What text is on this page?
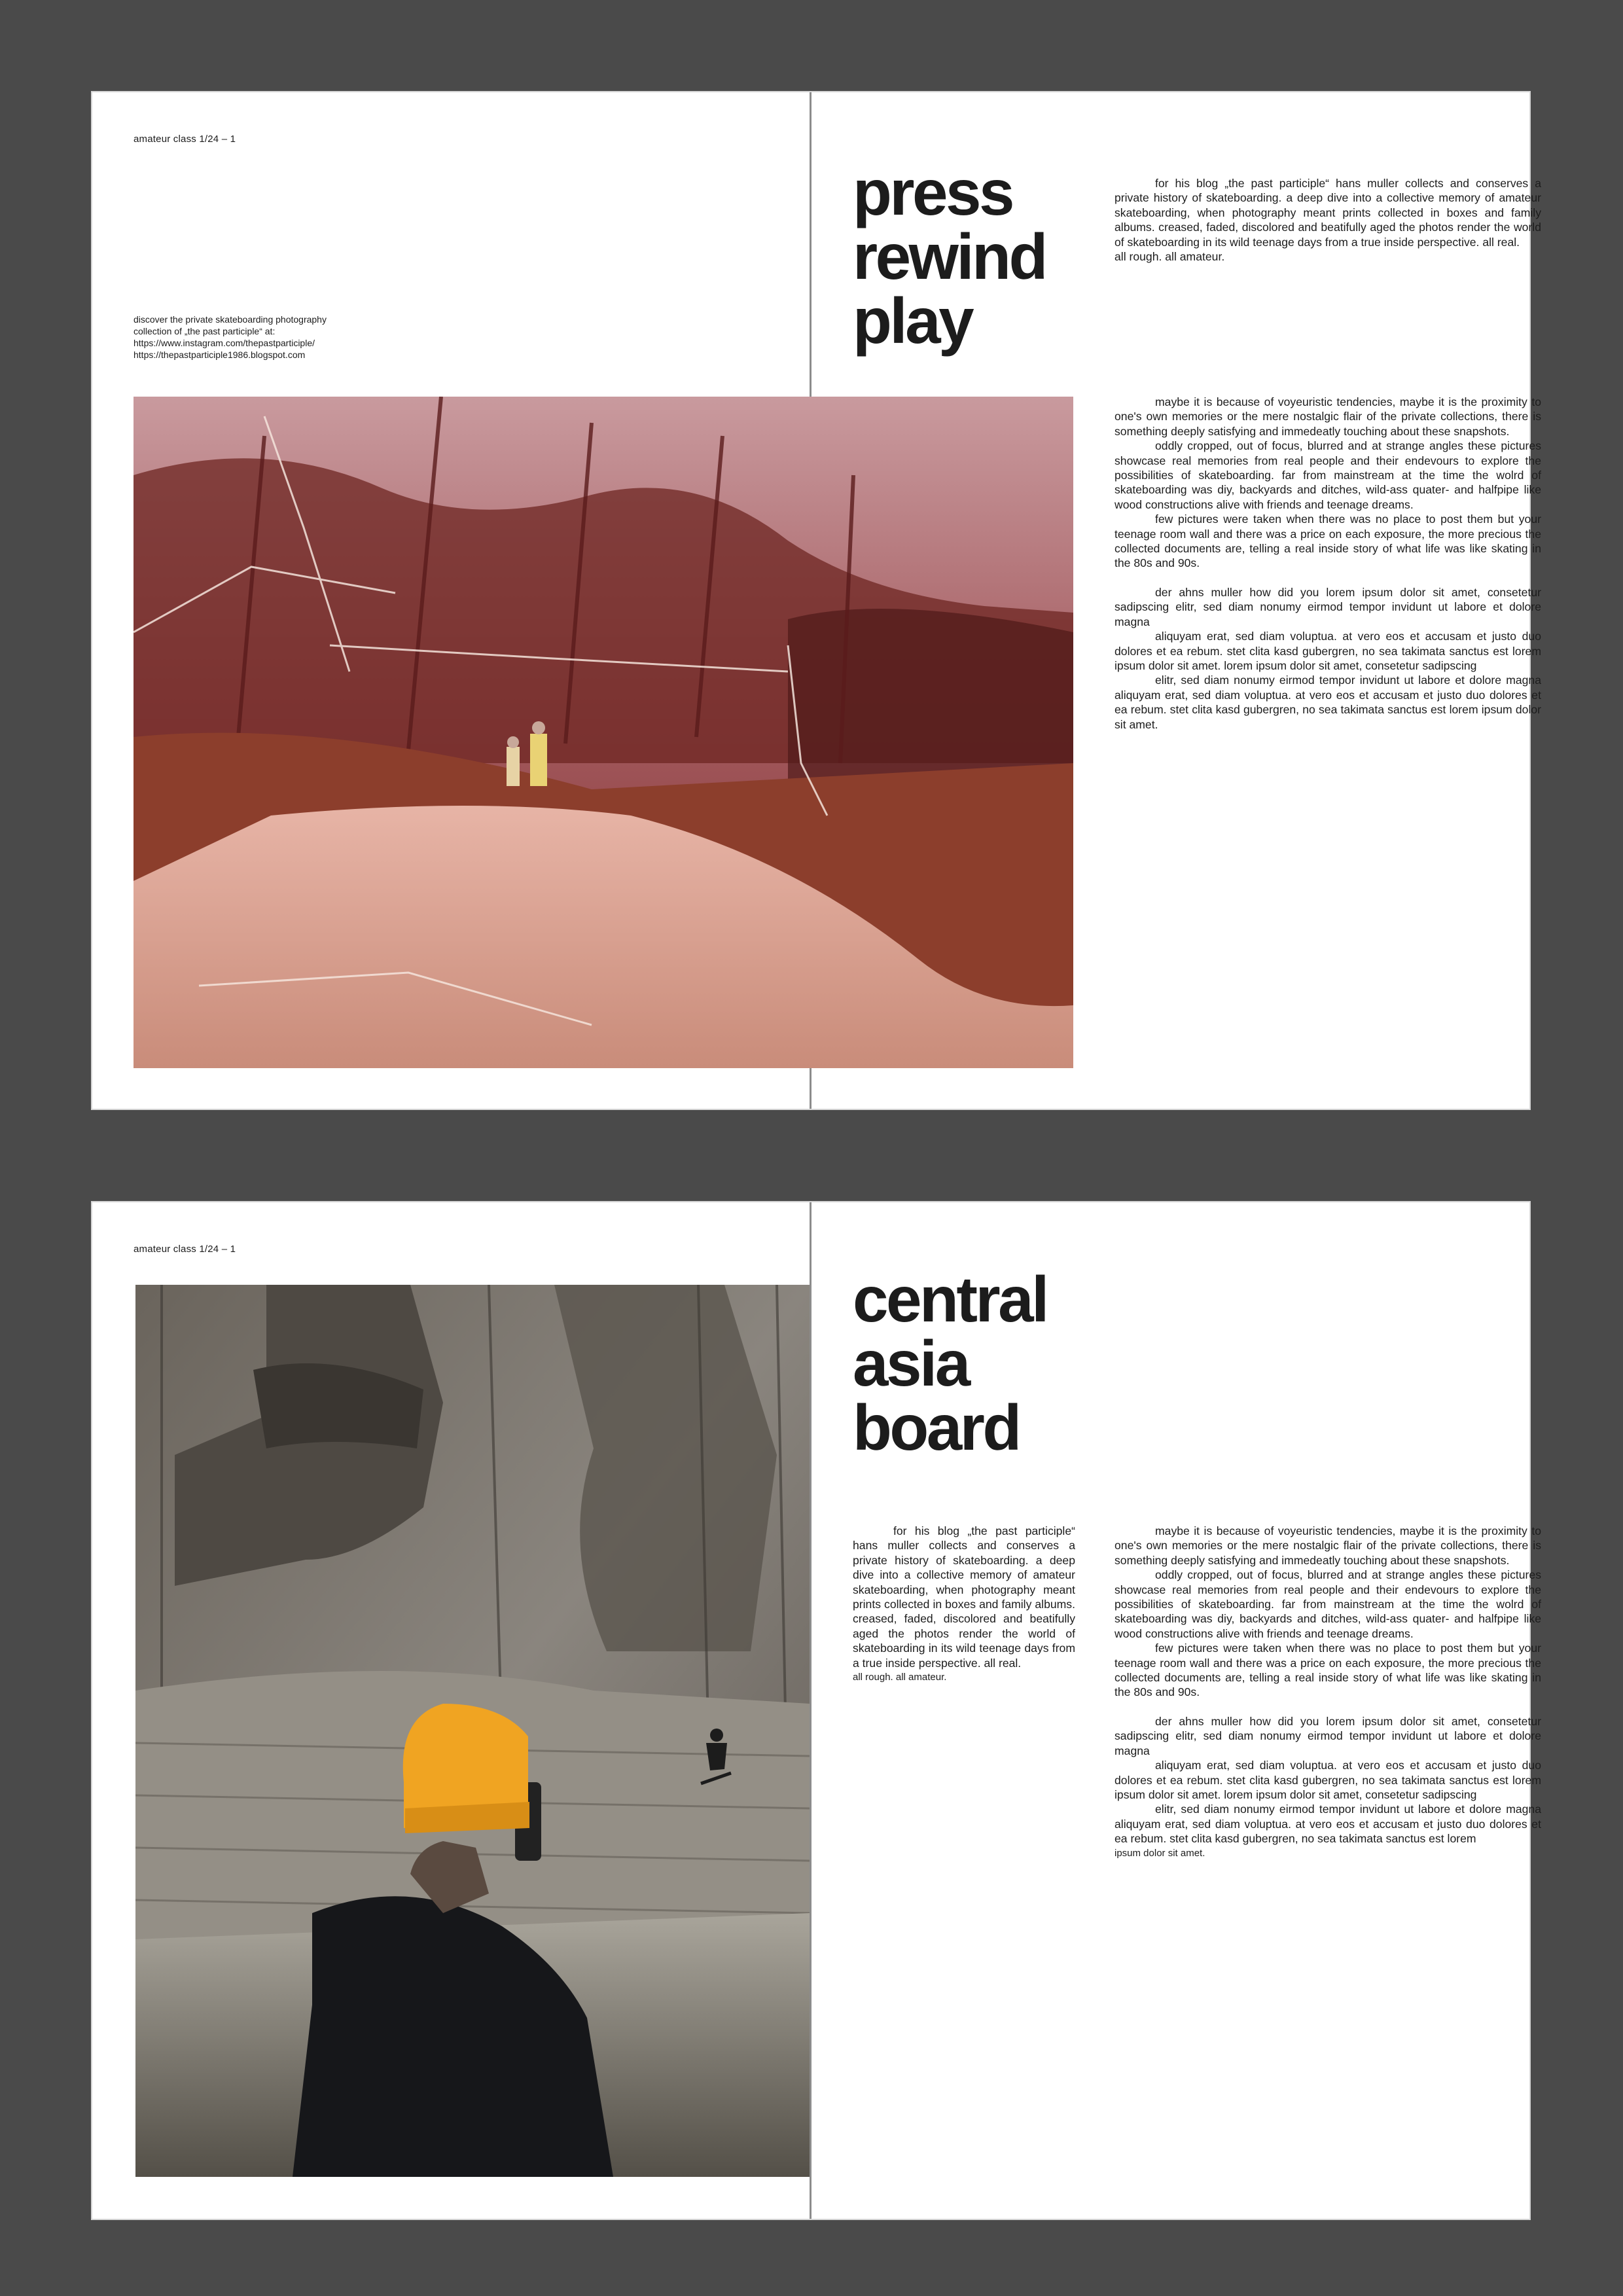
amateur class 1/24 – 1
discover the private skateboarding photography
collection of „the past participle“ at:
https://www.instagram.com/thepastparticiple/
https://thepastparticiple1986.blogspot.com
press
rewind
play

for his blog „the past participle“ hans muller collects and conserves a private history of skateboarding. a deep dive into a collective memory of amateur skateboarding, when photography meant prints collected in boxes and family albums. creased, faded, discolored and beatifully aged the photos render the world of skateboarding in its wild teenage days from a true inside perspective. all real.

all rough. all amateur.

maybe it is because of voyeuristic tendencies, maybe it is the proximity to one's own memories or the mere nostalgic flair of the private collections, there is something deeply satisfying and immedeatly touching about these snapshots.

oddly cropped, out of focus, blurred and at strange angles these pictures showcase real memories from real people and their endevours to explore the possibilities of skateboarding. far from mainstream at the time the wolrd of skateboarding was diy, backyards and ditches, wild-ass quater- and halfpipe like wood constructions alive with friends and teenage dreams.

few pictures were taken when there was no place to post them but your teenage room wall and there was a price on each exposure, the more precious the collected documents are, telling a real inside story of what life was like skating in the 80s and 90s.

der ahns muller how did you lorem ipsum dolor sit amet, consetetur sadipscing elitr, sed diam nonumy eirmod tempor invidunt ut labore et dolore magna

aliquyam erat, sed diam voluptua. at vero eos et accusam et justo duo dolores et ea rebum. stet clita kasd gubergren, no sea takimata sanctus est lorem ipsum dolor sit amet. lorem ipsum dolor sit amet, consetetur sadipscing

elitr, sed diam nonumy eirmod tempor invidunt ut labore et dolore magna aliquyam erat, sed diam voluptua. at vero eos et accusam et justo duo dolores et ea rebum. stet clita kasd gubergren, no sea takimata sanctus est lorem ipsum dolor sit amet.

amateur class 1/24 – 1
central
asia
board

for his blog „the past participle“ hans muller collects and conserves a private history of skateboarding. a deep dive into a collective memory of amateur skateboarding, when photography meant prints collected in boxes and family albums. creased, faded, discolored and beatifully aged the photos render the world of skateboarding in its wild teenage days from a true inside perspective. all real.

all rough. all amateur.

maybe it is because of voyeuristic tendencies, maybe it is the proximity to one's own memories or the mere nostalgic flair of the private collections, there is something deeply satisfying and immedeatly touching about these snapshots.

oddly cropped, out of focus, blurred and at strange angles these pictures showcase real memories from real people and their endevours to explore the possibilities of skateboarding. far from mainstream at the time the wolrd of skateboarding was diy, backyards and ditches, wild-ass quater- and halfpipe like wood constructions alive with friends and teenage dreams.

few pictures were taken when there was no place to post them but your teenage room wall and there was a price on each exposure, the more precious the collected documents are, telling a real inside story of what life was like skating in the 80s and 90s.

der ahns muller how did you lorem ipsum dolor sit amet, consetetur sadipscing elitr, sed diam nonumy eirmod tempor invidunt ut labore et dolore magna

aliquyam erat, sed diam voluptua. at vero eos et accusam et justo duo dolores et ea rebum. stet clita kasd gubergren, no sea takimata sanctus est lorem ipsum dolor sit amet. lorem ipsum dolor sit amet, consetetur sadipscing

elitr, sed diam nonumy eirmod tempor invidunt ut labore et dolore magna aliquyam erat, sed diam voluptua. at vero eos et accusam et justo duo dolores et ea rebum. stet clita kasd gubergren, no sea takimata sanctus est lorem

ipsum dolor sit amet.
